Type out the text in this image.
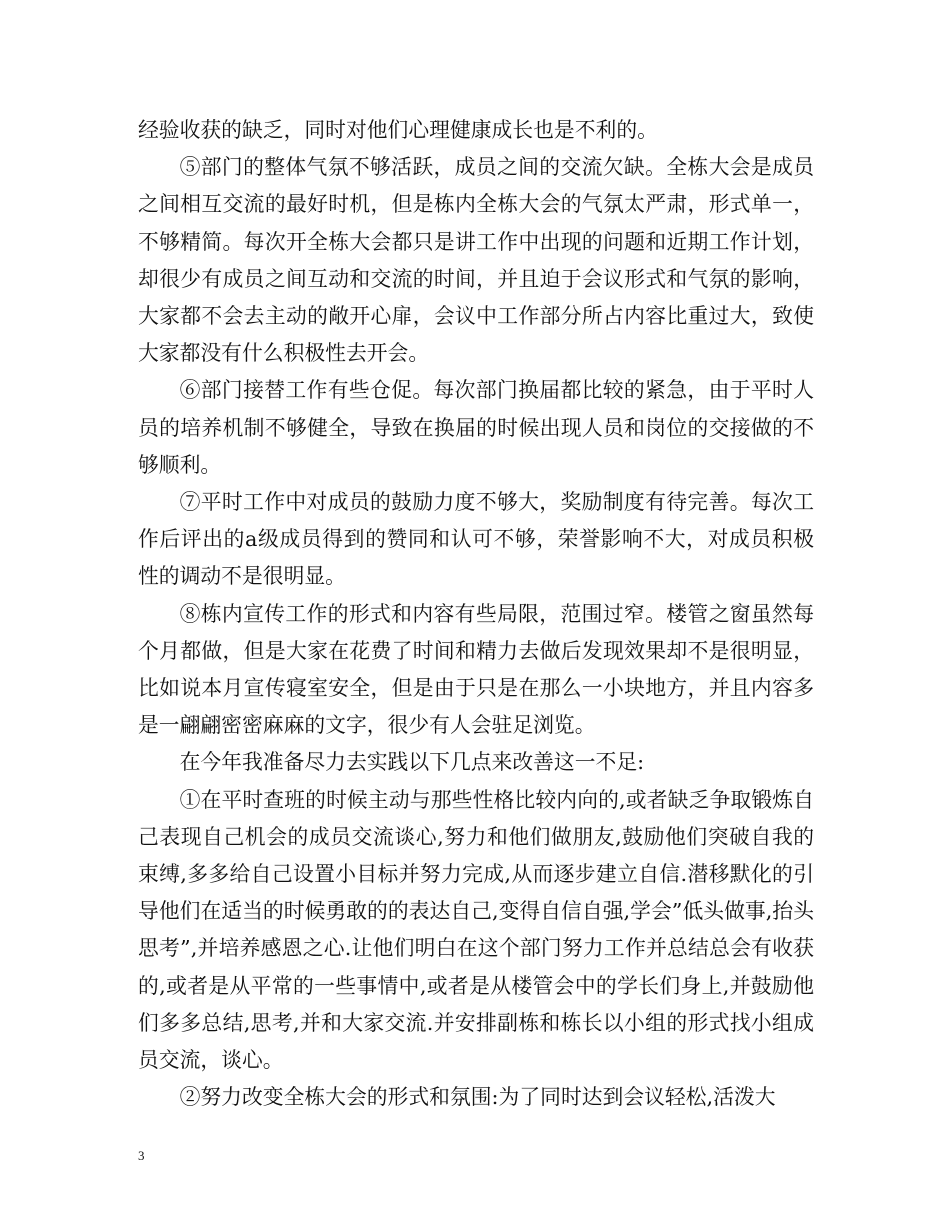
经验收获的缺乏，同时对他们心理健康成长也是不利的。

⑤部门的整体气氛不够活跃，成员之间的交流欠缺。全栋大会是成员之间相互交流的最好时机，但是栋内全栋大会的气氛太严肃，形式单一，不够精简。每次开全栋大会都只是讲工作中出现的问题和近期工作计划，却很少有成员之间互动和交流的时间，并且迫于会议形式和气氛的影响，大家都不会去主动的敞开心扉，会议中工作部分所占内容比重过大，致使大家都没有什么积极性去开会。

⑥部门接替工作有些仓促。每次部门换届都比较的紧急，由于平时人员的培养机制不够健全，导致在换届的时候出现人员和岗位的交接做的不够顺利。

⑦平时工作中对成员的鼓励力度不够大，奖励制度有待完善。每次工作后评出的a级成员得到的赞同和认可不够，荣誉影响不大，对成员积极性的调动不是很明显。

⑧栋内宣传工作的形式和内容有些局限，范围过窄。楼管之窗虽然每个月都做，但是大家在花费了时间和精力去做后发现效果却不是很明显，比如说本月宣传寝室安全，但是由于只是在那么一小块地方，并且内容多是一翩翩密密麻麻的文字，很少有人会驻足浏览。

在今年我准备尽力去实践以下几点来改善这一不足:

①在平时查班的时候主动与那些性格比较内向的,或者缺乏争取锻炼自己表现自己机会的成员交流谈心,努力和他们做朋友,鼓励他们突破自我的束缚,多多给自己设置小目标并努力完成,从而逐步建立自信.潜移默化的引导他们在适当的时候勇敢的的表达自己,变得自信自强,学会”低头做事,抬头思考”,并培养感恩之心.让他们明白在这个部门努力工作并总结总会有收获的,或者是从平常的一些事情中,或者是从楼管会中的学长们身上,并鼓励他们多多总结,思考,并和大家交流.并安排副栋和栋长以小组的形式找小组成员交流，谈心。

②努力改变全栋大会的形式和氛围:为了同时达到会议轻松,活泼大

3
